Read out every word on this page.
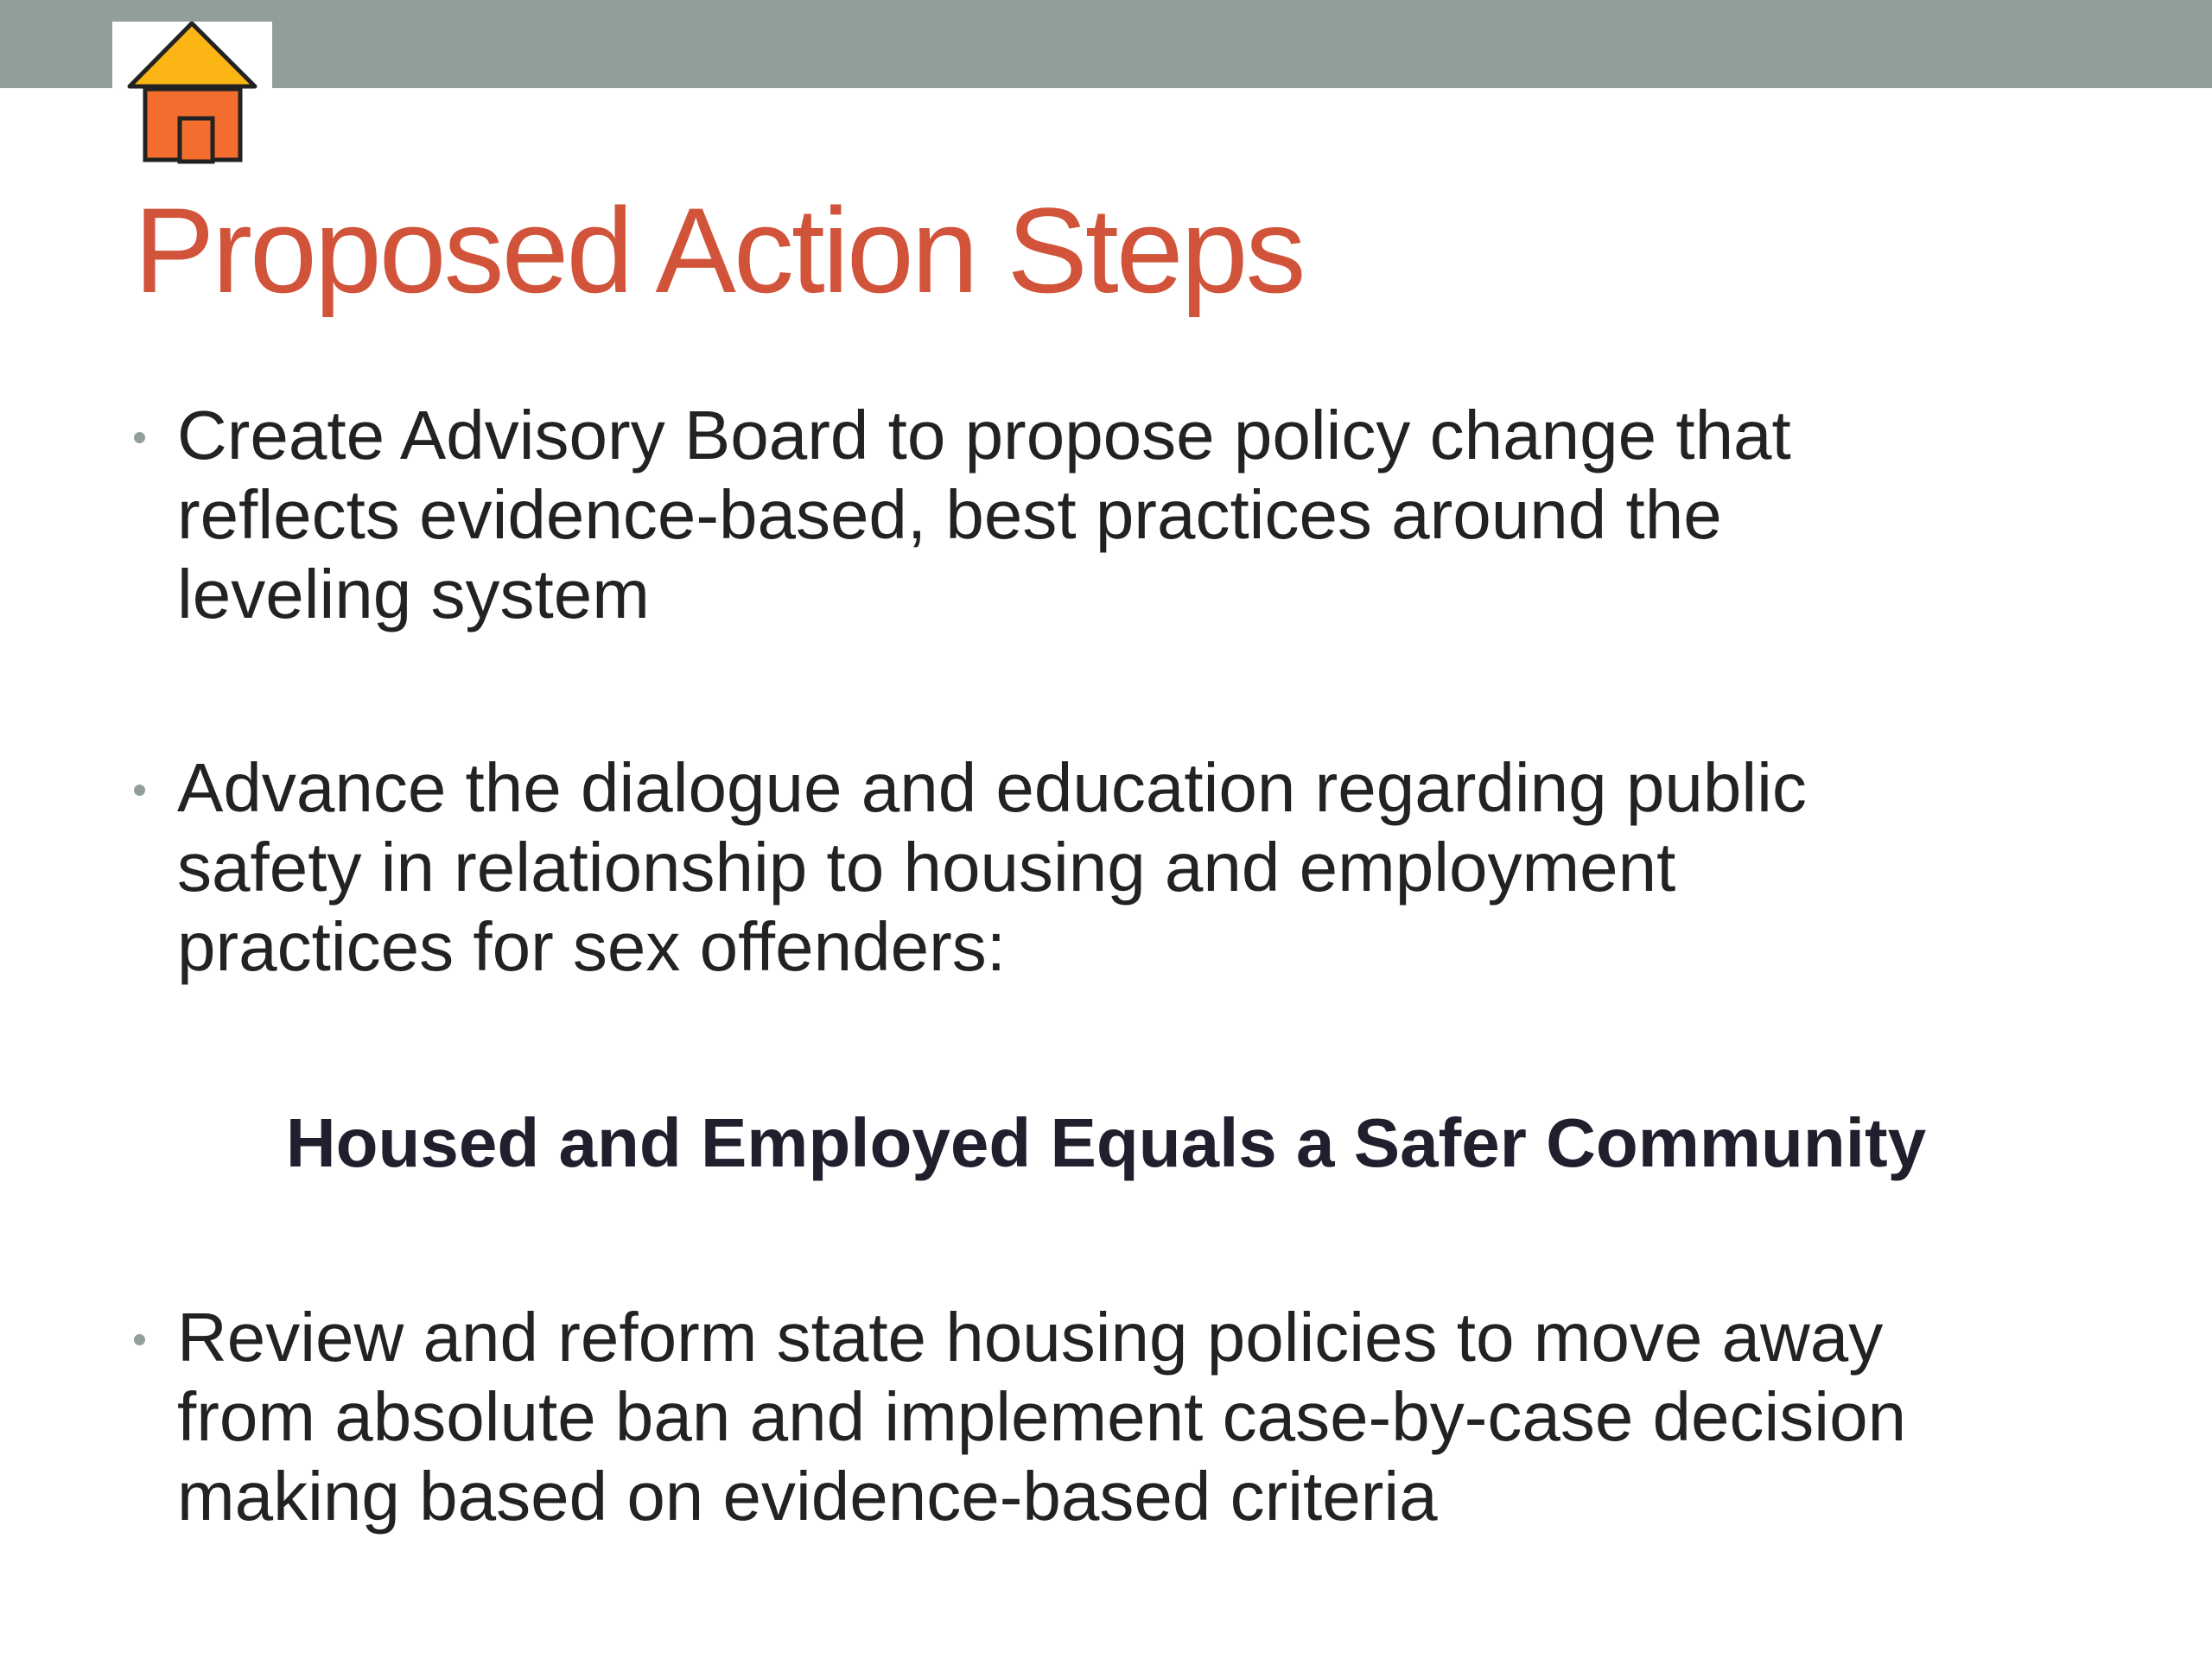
Proposed Action Steps

Create Advisory Board to propose policy change that
reflects evidence-based, best practices around the
leveling system

Advance the dialogue and education regarding public
safety in relationship to housing and employment
practices for sex offenders:

Housed and Employed Equals a Safer Community

Review and reform state housing policies to move away
from absolute ban and implement case-by-case decision
making based on evidence-based criteria
